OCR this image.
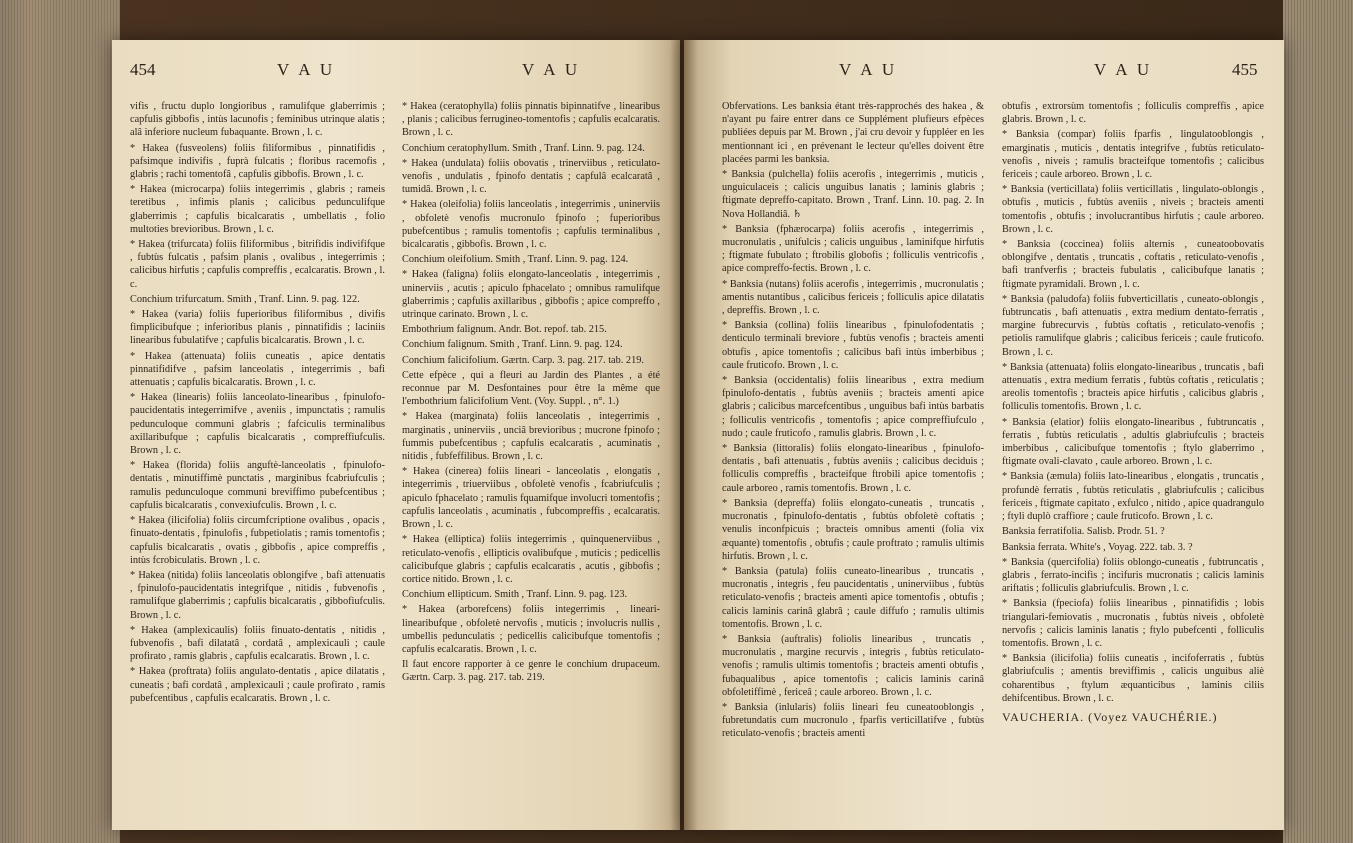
454	V A U	V A U
vifis , fructu duplo longioribus , ramulifque glaberrimis ; capfulis gibbofis , intùs lacunofis ; feminibus utrinque alatis ; alâ inferiore nucleum fubaquante. Brown , l. c.
* Hakea (fusveolens) foliis filiformibus , pinnatifidis , pafsimque indivifis , fuprà fulcatis ; floribus racemofis , glabris ; rachi tomentofâ , capfulis gibbofis. Brown , l. c.
* Hakea (microcarpa) foliis integerrimis , glabris ; rameis teretibus , infimis planis ; calicibus pedunculifque glaberrimis ; capfulis bicalcaratis , umbellatis , folio multoties brevioribus. Brown , l. c.
* Hakea (trifurcata) foliis filiformibus , bitrifidis indivififque , fubtùs fulcatis , pafsim planis , ovalibus , integerrimis ; calicibus hirfutis ; capfulis compreffis , ecalcaratis. Brown , l. c.
Conchium trifurcatum. Smith , Tranf. Linn. 9. pag. 122.
* Hakea (varia) foliis fuperioribus filiformibus , divifis fimplicibufque ; inferioribus planis , pinnatifidis ; laciniis linearibus fubulatifve ; capfulis bicalcaratis. Brown , l. c.
* Hakea (attenuata) foliis cuneatis , apice dentatis pinnatifidifve , pafsim lanceolatis , integerrimis , bafi attenuatis ; capfulis bicalcaratis. Brown , l. c.
* Hakea (linearis) foliis lanceolato-linearibus , fpinulofo-paucidentatis integerrimifve , aveniis , impunctatis ; ramulis pedunculoque communi glabris ; fafciculis terminalibus axillaribufque ; capfulis bicalcaratis , compreffiufculis. Brown , l. c.
* Hakea (florida) foliis anguftè-lanceolatis , fpinulofo-dentatis , minutiffimè punctatis , marginibus fcabriufculis ; ramulis pedunculoque communi breviffimo pubefcentibus ; capfulis bicalcaratis , convexiufculis. Brown , l. c.
* Hakea (ilicifolia) foliis circumfcriptione ovalibus , opacis , finuato-dentatis , fpinulofis , fubpetiolatis ; ramis tomentofis ; capfulis bicalcaratis , ovatis , gibbofis , apice compreffis , intùs fcrobiculatis. Brown , l. c.
* Hakea (nitida) foliis lanceolatis oblongifve , bafi attenuatis , fpinulofo-paucidentatis integrifque , nitidis , fubvenofis , ramulifque glaberrimis ; capfulis bicalcaratis , gibbofiufculis. Brown , l. c.
* Hakea (amplexicaulis) foliis finuato-dentatis , nitidis , fubvenofis , bafi dilatatâ , cordatâ , amplexicauli ; caule profirato , ramis glabris , capfulis ecalcaratis. Brown , l. c.
* Hakea (proftrata) foliis angulato-dentatis , apice dilatatis , cuneatis ; bafi cordatâ , amplexicauli ; caule profirato , ramis pubefcentibus , capfulis ecalcaratis. Brown , l. c.
* Hakea (ceratophylla) foliis pinnatis bipinnatifve , linearibus , planis ; calicibus ferrugineo-tomentofis ; capfulis ecalcaratis. Brown , l. c.
Conchium ceratophyllum. Smith , Tranf. Linn. 9. pag. 124.
* Hakea (undulata) foliis obovatis , trinerviibus , reticulato-venofis , undulatis , fpinofo dentatis ; capfulâ ecalcaratâ , tumidâ. Brown , l. c.
* Hakea (oleifolia) foliis lanceolatis , integerrimis , uninerviis , obfoletè venofis mucronulo fpinofo ; fuperioribus pubefcentibus ; ramulis tomentofis ; capfulis terminalibus , bicalcaratis , gibbofis. Brown , l. c.
Conchium oleifolium. Smith , Tranf. Linn. 9. pag. 124.
* Hakea (faligna) foliis elongato-lanceolatis , integerrimis , uninerviis , acutis ; apiculo fphacelato ; omnibus ramulifque glaberrimis ; capfulis axillaribus , gibbofis ; apice compreffo , utrinque carinato. Brown , l. c.
Embothrium falignum. Andr. Bot. repof. tab. 215.
Conchium falignum. Smith , Tranf. Linn. 9. pag. 124.
Conchium falicifolium. Gærtn. Carp. 3. pag. 217. tab. 219.
Cette efpèce , qui a fleuri au Jardin des Plantes , a été reconnue par M. Desfontaines pour être la même que l'embothrium falicifolium Vent. (Voy. Suppl. , n°. 1.)
* Hakea (marginata) foliis lanceolatis , integerrimis , marginatis , uninerviis , unciâ brevioribus ; mucrone fpinofo ; fummis pubefcentibus ; capfulis ecalcaratis , acuminatis , nitidis , fubfeffilibus. Brown , l. c.
* Hakea (cinerea) foliis lineari - lanceolatis , elongatis , integerrimis , triuerviibus , obfoletè venofis , fcabriufculis ; apiculo fphacelato ; ramulis fquamifque involucri tomentofis ; capfulis lanceolatis , acuminatis , fubcompreffis , ecalcaratis. Brown , l. c.
* Hakea (elliptica) foliis integerrimis , quinquenerviibus , reticulato-venofis , ellipticis ovalibufque , muticis ; pedicellis calicibufque glabris ; capfulis ecalcaratis , acutis , gibbofis ; cortice nitido. Brown , l. c.
Conchium ellipticum. Smith , Tranf. Linn. 9. pag. 123.
* Hakea (arborefcens) foliis integerrimis , lineari-linearibufque , obfoletè nervofis , muticis ; involucris nullis , umbellis pedunculatis ; pedicellis calicibufque tomentofis ; capfulis ecalcaratis. Brown , l. c.
Il faut encore rapporter à ce genre le conchium drupaceum. Gærtn. Carp. 3. pag. 217. tab. 219.
V A U	V A U	455
Obfervations. Les banksia étant très-rapprochés des hakea , & n'ayant pu faire entrer dans ce Supplément plufieurs efpèces publiées depuis par M. Brown , j'ai cru devoir y fuppléer en les mentionnant ici , en prévenant le lecteur qu'elles doivent être placées parmi les banksia.
* Banksia (pulchella) foliis acerofis , integerrimis , muticis , unguiculaceis ; calicis unguibus lanatis ; laminis glabris ; ftigmate depreffo-capitato. Brown , Tranf. Linn. 10. pag. 2. In Nova Hollandiâ. ♄
* Banksia (fphærocarpa) foliis acerofis , integerrimis , mucronulatis , unifulcis ; calicis unguibus , laminifque hirfutis ; ftigmate fubulato ; ftrobilis globofis ; folliculis ventricofis , apice compreffo-fectis. Brown , l. c.
* Banksia (nutans) foliis acerofis , integerrimis , mucronulatis ; amentis nutantibus , calicibus fericeis ; folliculis apice dilatatis , depreffis. Brown , l. c.
* Banksia (collina) foliis linearibus , fpinulofodentatis ; denticulo terminali breviore , fubtùs venofis ; bracteis amenti obtufis , apice tomentofis ; calicibus bafi intùs imberbibus ; caule fruticofo. Brown , l. c.
* Banksia (occidentalis) foliis linearibus , extra medium fpinulofo-dentatis , fubtùs aveniis ; bracteis amenti apice glabris ; calicibus marcefcentibus , unguibus bafi intùs barbatis ; folliculis ventricofis , tomentofis ; apice compreffiufculo , nudo ; caule fruticofo , ramulis glabris. Brown , l. c.
* Banksia (littoralis) foliis elongato-linearibus , fpinulofo-dentatis , bafi attenuatis , fubtùs aveniis ; calicibus deciduis ; folliculis compreffis , bracteifque ftrobili apice tomentofis ; caule arboreo , ramis tomentofis. Brown , l. c.
* Banksia (depreffa) foliis elongato-cuneatis , truncatis , mucronatis , fpinulofo-dentatis , fubtùs obfoletè coftatis ; venulis inconfpicuis ; bracteis omnibus amenti (folia vix æquante) tomentofis , obtufis ; caule proftrato ; ramulis ultimis hirfutis. Brown , l. c.
* Banksia (patula) foliis cuneato-linearibus , truncatis , mucronatis , integris , feu paucidentatis , uninerviibus , fubtùs reticulato-venofis ; bracteis amenti apice tomentofis , obtufis ; calicis laminis carinâ glabrâ ; caule diffufo ; ramulis ultimis tomentofis. Brown , l. c.
* Banksia (auftralis) foliolis linearibus , truncatis , mucronulatis , margine recurvis , integris , fubtùs reticulato-venofis ; ramulis ultimis tomentofis ; bracteis amenti obtufis , fubaqualibus , apice tomentofis ; calicis laminis carinâ obfoletiffimè , fericeâ ; caule arboreo. Brown , l. c.
* Banksia (inlularis) foliis lineari feu cuneatooblongis , fubretundatis cum mucronulo , fparfis verticillatifve , fubtùs reticulato-venofis ; bracteis amenti
obtufis , extrorsùm tomentofis ; folliculis compreffis , apice glabris. Brown , l. c.
* Banksia (compar) foliis fparfis , lingulatooblongis , emarginatis , muticis , dentatis integrifve , fubtùs reticulato-venofis , niveis ; ramulis bracteifque tomentofis ; calicibus fericeis ; caule arboreo. Brown , l. c.
* Banksia (verticillata) foliis verticillatis , lingulato-oblongis , obtufis , muticis , fubtùs aveniis , niveis ; bracteis amenti tomentofis , obtufis ; involucrantibus hirfutis ; caule arboreo. Brown , l. c.
* Banksia (coccinea) foliis alternis , cuneatoobovatis oblongifve , dentatis , truncatis , coftatis , reticulato-venofis , bafi tranfverfis ; bracteis fubulatis , calicibufque lanatis ; ftigmate pyramidali. Brown , l. c.
* Banksia (paludofa) foliis fubverticillatis , cuneato-oblongis , fubtruncatis , bafi attenuatis , extra medium dentato-ferratis , margine fubrecurvis , fubtùs coftatis , reticulato-venofis ; petiolis ramulifque glabris ; calicibus fericeis ; caule fruticofo. Brown , l. c.
* Banksia (attenuata) foliis elongato-linearibus , truncatis , bafi attenuatis , extra medium ferratis , fubtùs coftatis , reticulatis ; areolis tomentofis ; bracteis apice hirfutis , calicibus glabris , folliculis tomentofis. Brown , l. c.
* Banksia (elatior) foliis elongato-linearibus , fubtruncatis , ferratis , fubtùs reticulatis , adultis glabriufculis ; bracteis imberbibus , calicibufque tomentofis ; ftylo glaberrimo , ftigmate ovali-clavato , caule arboreo. Brown , l. c.
* Banksia (æmula) foliis lato-linearibus , elongatis , truncatis , profundè ferratis , fubtùs reticulatis , glabriufculis ; calicibus fericeis , ftigmate capitato , exfulco , nitido , apice quadrangulo ; ftyli duplò craffiore ; caule fruticofo. Brown , l. c.
Banksia ferratifolia. Salisb. Prodr. 51. ?
Banksia ferrata. White's , Voyag. 222. tab. 3. ?
* Banksia (quercifolia) foliis oblongo-cuneatis , fubtruncatis , glabris , ferrato-incifis ; incifuris mucronatis ; calicis laminis ariftatis ; folliculis glabriufculis. Brown , l. c.
* Banksia (fpeciofa) foliis linearibus , pinnatifidis ; lobis triangulari-femiovatis , mucronatis , fubtùs niveis , obfoletè nervofis ; calicis laminis lanatis ; ftylo pubefcenti , folliculis tomentofis. Brown , l. c.
* Banksia (ilicifolia) foliis cuneatis , incifoferratis , fubtùs glabriufculis ; amentis breviffimis , calicis unguibus aliè coharentibus , ftylum æquanticibus , laminis ciliis dehifcentibus. Brown , l. c.
VAUCHERIA. (Voyez VAUCHÉRIE.)
